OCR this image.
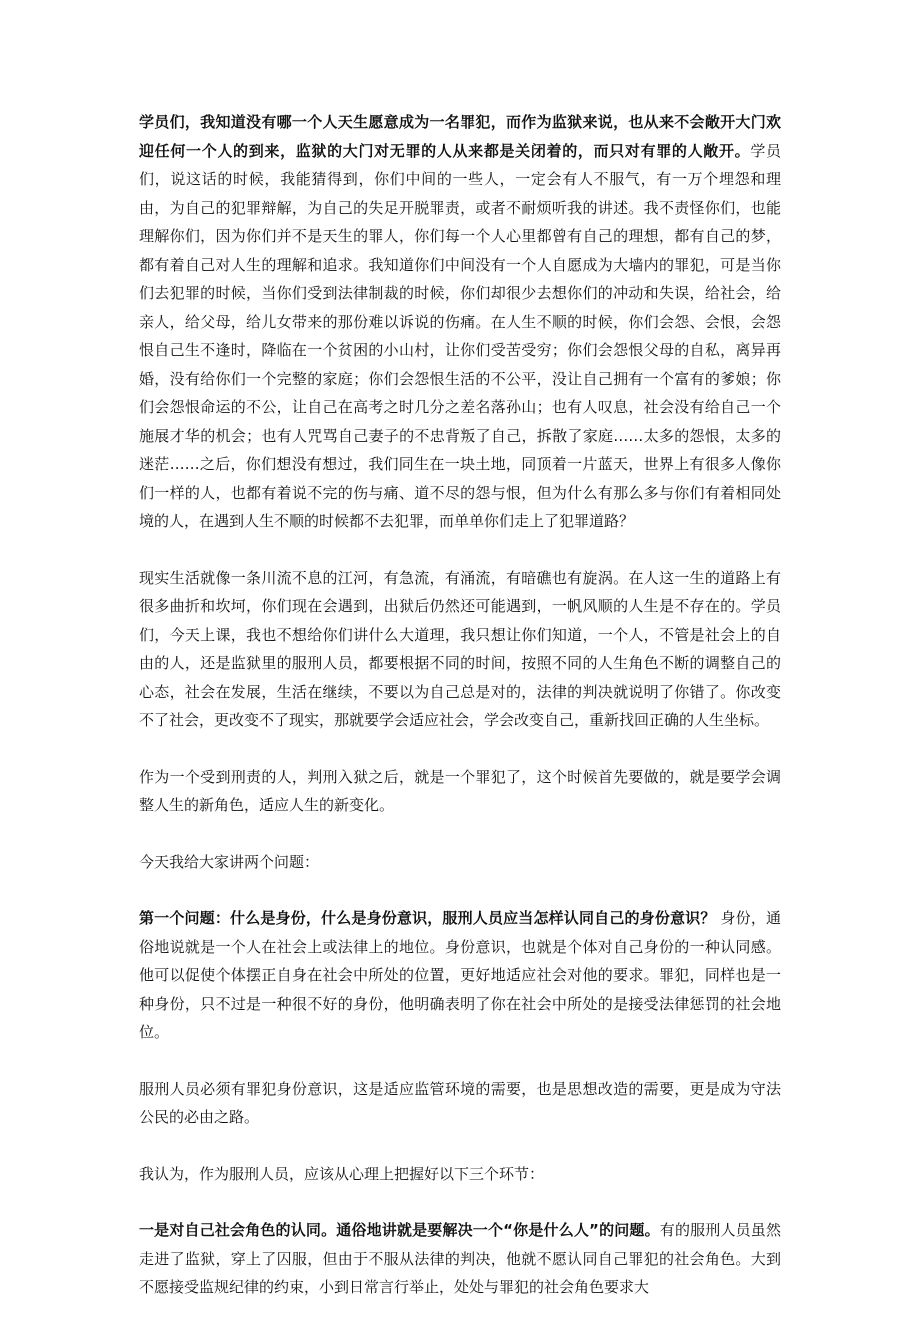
学员们，我知道没有哪一个人天生愿意成为一名罪犯，而作为监狱来说，也从来不会敞开大门欢迎任何一个人的到来，监狱的大门对无罪的人从来都是关闭着的，而只对有罪的人敞开。学员们，说这话的时候，我能猜得到，你们中间的一些人，一定会有人不服气，有一万个埋怨和理由，为自己的犯罪辩解，为自己的失足开脱罪责，或者不耐烦听我的讲述。我不责怪你们，也能理解你们，因为你们并不是天生的罪人，你们每一个人心里都曾有自己的理想，都有自己的梦，都有着自己对人生的理解和追求。我知道你们中间没有一个人自愿成为大墙内的罪犯，可是当你们去犯罪的时候，当你们受到法律制裁的时候，你们却很少去想你们的冲动和失误，给社会，给亲人，给父母，给儿女带来的那份难以诉说的伤痛。在人生不顺的时候，你们会怨、会恨，会怨恨自己生不逢时，降临在一个贫困的小山村，让你们受苦受穷；你们会怨恨父母的自私，离异再婚，没有给你们一个完整的家庭；你们会怨恨生活的不公平，没让自己拥有一个富有的爹娘；你们会怨恨命运的不公，让自己在高考之时几分之差名落孙山；也有人叹息，社会没有给自己一个施展才华的机会；也有人咒骂自己妻子的不忠背叛了自己，拆散了家庭……太多的怨恨，太多的迷茫……之后，你们想没有想过，我们同生在一块土地，同顶着一片蓝天，世界上有很多人像你们一样的人，也都有着说不完的伤与痛、道不尽的怨与恨，但为什么有那么多与你们有着相同处境的人，在遇到人生不顺的时候都不去犯罪，而单单你们走上了犯罪道路？

现实生活就像一条川流不息的江河，有急流，有涌流，有暗礁也有旋涡。在人这一生的道路上有很多曲折和坎坷，你们现在会遇到，出狱后仍然还可能遇到，一帆风顺的人生是不存在的。学员们，今天上课，我也不想给你们讲什么大道理，我只想让你们知道，一个人，不管是社会上的自由的人，还是监狱里的服刑人员，都要根据不同的时间，按照不同的人生角色不断的调整自己的心态，社会在发展，生活在继续，不要以为自己总是对的，法律的判决就说明了你错了。你改变不了社会，更改变不了现实，那就要学会适应社会，学会改变自己，重新找回正确的人生坐标。

作为一个受到刑责的人，判刑入狱之后，就是一个罪犯了，这个时候首先要做的，就是要学会调整人生的新角色，适应人生的新变化。

今天我给大家讲两个问题：

第一个问题：什么是身份，什么是身份意识，服刑人员应当怎样认同自己的身份意识？ 身份，通俗地说就是一个人在社会上或法律上的地位。身份意识，也就是个体对自己身份的一种认同感。他可以促使个体摆正自身在社会中所处的位置，更好地适应社会对他的要求。罪犯，同样也是一种身份，只不过是一种很不好的身份，他明确表明了你在社会中所处的是接受法律惩罚的社会地位。

服刑人员必须有罪犯身份意识，这是适应监管环境的需要，也是思想改造的需要，更是成为守法公民的必由之路。

我认为，作为服刑人员，应该从心理上把握好以下三个环节：

一是对自己社会角色的认同。通俗地讲就是要解决一个“你是什么人”的问题。有的服刑人员虽然走进了监狱，穿上了囚服，但由于不服从法律的判决，他就不愿认同自己罪犯的社会角色。大到不愿接受监规纪律的约束，小到日常言行举止，处处与罪犯的社会角色要求大
